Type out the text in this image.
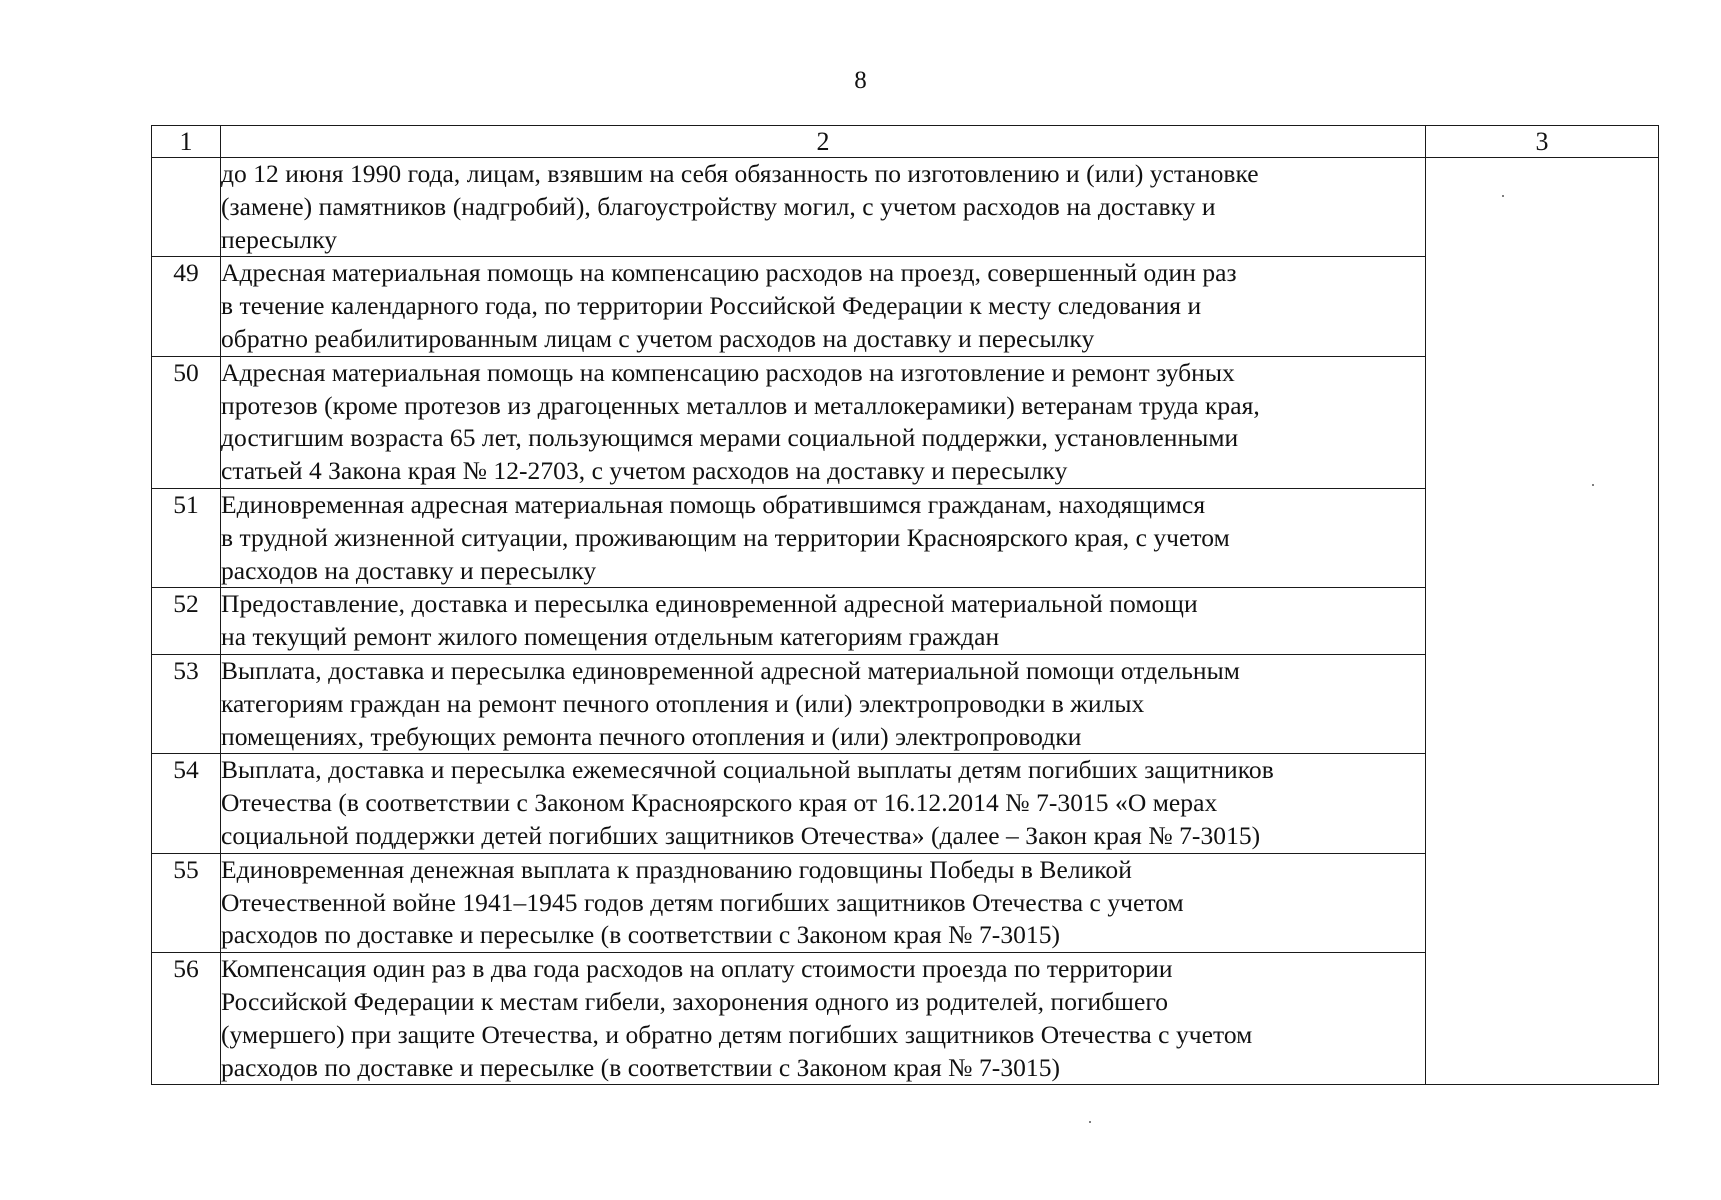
8
1	2	3
	до 12 июня 1990 года, лицам, взявшим на себя обязанность по изготовлению и (или) установке
(замене) памятников (надгробий), благоустройству могил, с учетом расходов на доставку и
пересылку	
49	Адресная материальная помощь на компенсацию расходов на проезд, совершенный один раз
в течение календарного года, по территории Российской Федерации к месту следования и
обратно реабилитированным лицам с учетом расходов на доставку и пересылку	
50	Адресная материальная помощь на компенсацию расходов на изготовление и ремонт зубных
протезов (кроме протезов из драгоценных металлов и металлокерамики) ветеранам труда края,
достигшим возраста 65 лет, пользующимся мерами социальной поддержки, установленными
статьей 4 Закона края № 12-2703, с учетом расходов на доставку и пересылку	
51	Единовременная адресная материальная помощь обратившимся гражданам, находящимся
в трудной жизненной ситуации, проживающим на территории Красноярского края, с учетом
расходов на доставку и пересылку	
52	Предоставление, доставка и пересылка единовременной адресной материальной помощи
на текущий ремонт жилого помещения отдельным категориям граждан	
53	Выплата, доставка и пересылка единовременной адресной материальной помощи отдельным
категориям граждан на ремонт печного отопления и (или) электропроводки в жилых
помещениях, требующих ремонта печного отопления и (или) электропроводки	
54	Выплата, доставка и пересылка ежемесячной социальной выплаты детям погибших защитников
Отечества (в соответствии с Законом Красноярского края от 16.12.2014 № 7-3015 «О мерах
социальной поддержки детей погибших защитников Отечества» (далее – Закон края № 7-3015)	
55	Единовременная денежная выплата к празднованию годовщины Победы в Великой
Отечественной войне 1941–1945 годов детям погибших защитников Отечества с учетом
расходов по доставке и пересылке (в соответствии с Законом края № 7-3015)	
56	Компенсация один раз в два года расходов на оплату стоимости проезда по территории
Российской Федерации к местам гибели, захоронения одного из родителей, погибшего
(умершего) при защите Отечества, и обратно детям погибших защитников Отечества с учетом
расходов по доставке и пересылке (в соответствии с Законом края № 7-3015)	
